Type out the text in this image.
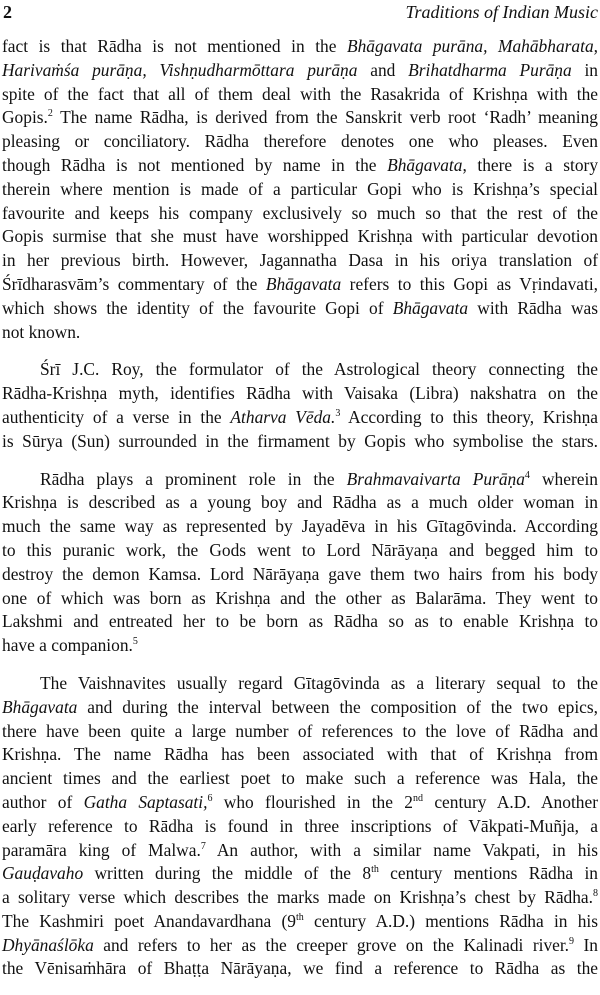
2	Traditions of Indian Music
fact is that Rādha is not mentioned in the Bhāgavata purāna, Mahābharata,
Harivaṁśa purāṇa, Vishṇudharmōttara purāṇa and Brihatdharma Purāṇa in
spite of the fact that all of them deal with the Rasakrida of Krishṇa with the
Gopis.$^2$ The name Rādha, is derived from the Sanskrit verb root ‘Radh’ meaning
pleasing or conciliatory. Rādha therefore denotes one who pleases. Even
though Rādha is not mentioned by name in the Bhāgavata, there is a story
therein where mention is made of a particular Gopi who is Krishṇa’s special
favourite and keeps his company exclusively so much so that the rest of the
Gopis surmise that she must have worshipped Krishṇa with particular devotion
in her previous birth. However, Jagannatha Dasa in his oriya translation of
Śrīdharasvām’s commentary of the Bhāgavata refers to this Gopi as Vṛindavati,
which shows the identity of the favourite Gopi of Bhāgavata with Rādha was
not known.
Śrī J.C. Roy, the formulator of the Astrological theory connecting the
Rādha-Krishṇa myth, identifies Rādha with Vaisaka (Libra) nakshatra on the
authenticity of a verse in the Atharva Vēda.$^3$ According to this theory, Krishṇa
is Sūrya (Sun) surrounded in the firmament by Gopis who symbolise the stars.
Rādha plays a prominent role in the Brahmavaivarta Purāṇa$^4$ wherein
Krishṇa is described as a young boy and Rādha as a much older woman in
much the same way as represented by Jayadēva in his Gītagōvinda. According
to this puranic work, the Gods went to Lord Nārāyaṇa and begged him to
destroy the demon Kamsa. Lord Nārāyaṇa gave them two hairs from his body
one of which was born as Krishṇa and the other as Balarāma. They went to
Lakshmi and entreated her to be born as Rādha so as to enable Krishṇa to
have a companion.$^5$
The Vaishnavites usually regard Gītagōvinda as a literary sequal to the
Bhāgavata and during the interval between the composition of the two epics,
there have been quite a large number of references to the love of Rādha and
Krishṇa. The name Rādha has been associated with that of Krishṇa from
ancient times and the earliest poet to make such a reference was Hala, the
author of Gatha Saptasati,$^6$ who flourished in the 2nd century A.D. Another
early reference to Rādha is found in three inscriptions of Vākpati-Muñja, a
paramāra king of Malwa.$^7$ An author, with a similar name Vakpati, in his
Gauḍavaho written during the middle of the 8th century mentions Rādha in
a solitary verse which describes the marks made on Krishṇa’s chest by Rādha.$^8$
The Kashmiri poet Anandavardhana (9th century A.D.) mentions Rādha in his
Dhyānaślōka and refers to her as the creeper grove on the Kalinadi river.$^9$ In
the Vēnisaṁhāra of Bhaṭṭa Nārāyaṇa, we find a reference to Rādha as the
